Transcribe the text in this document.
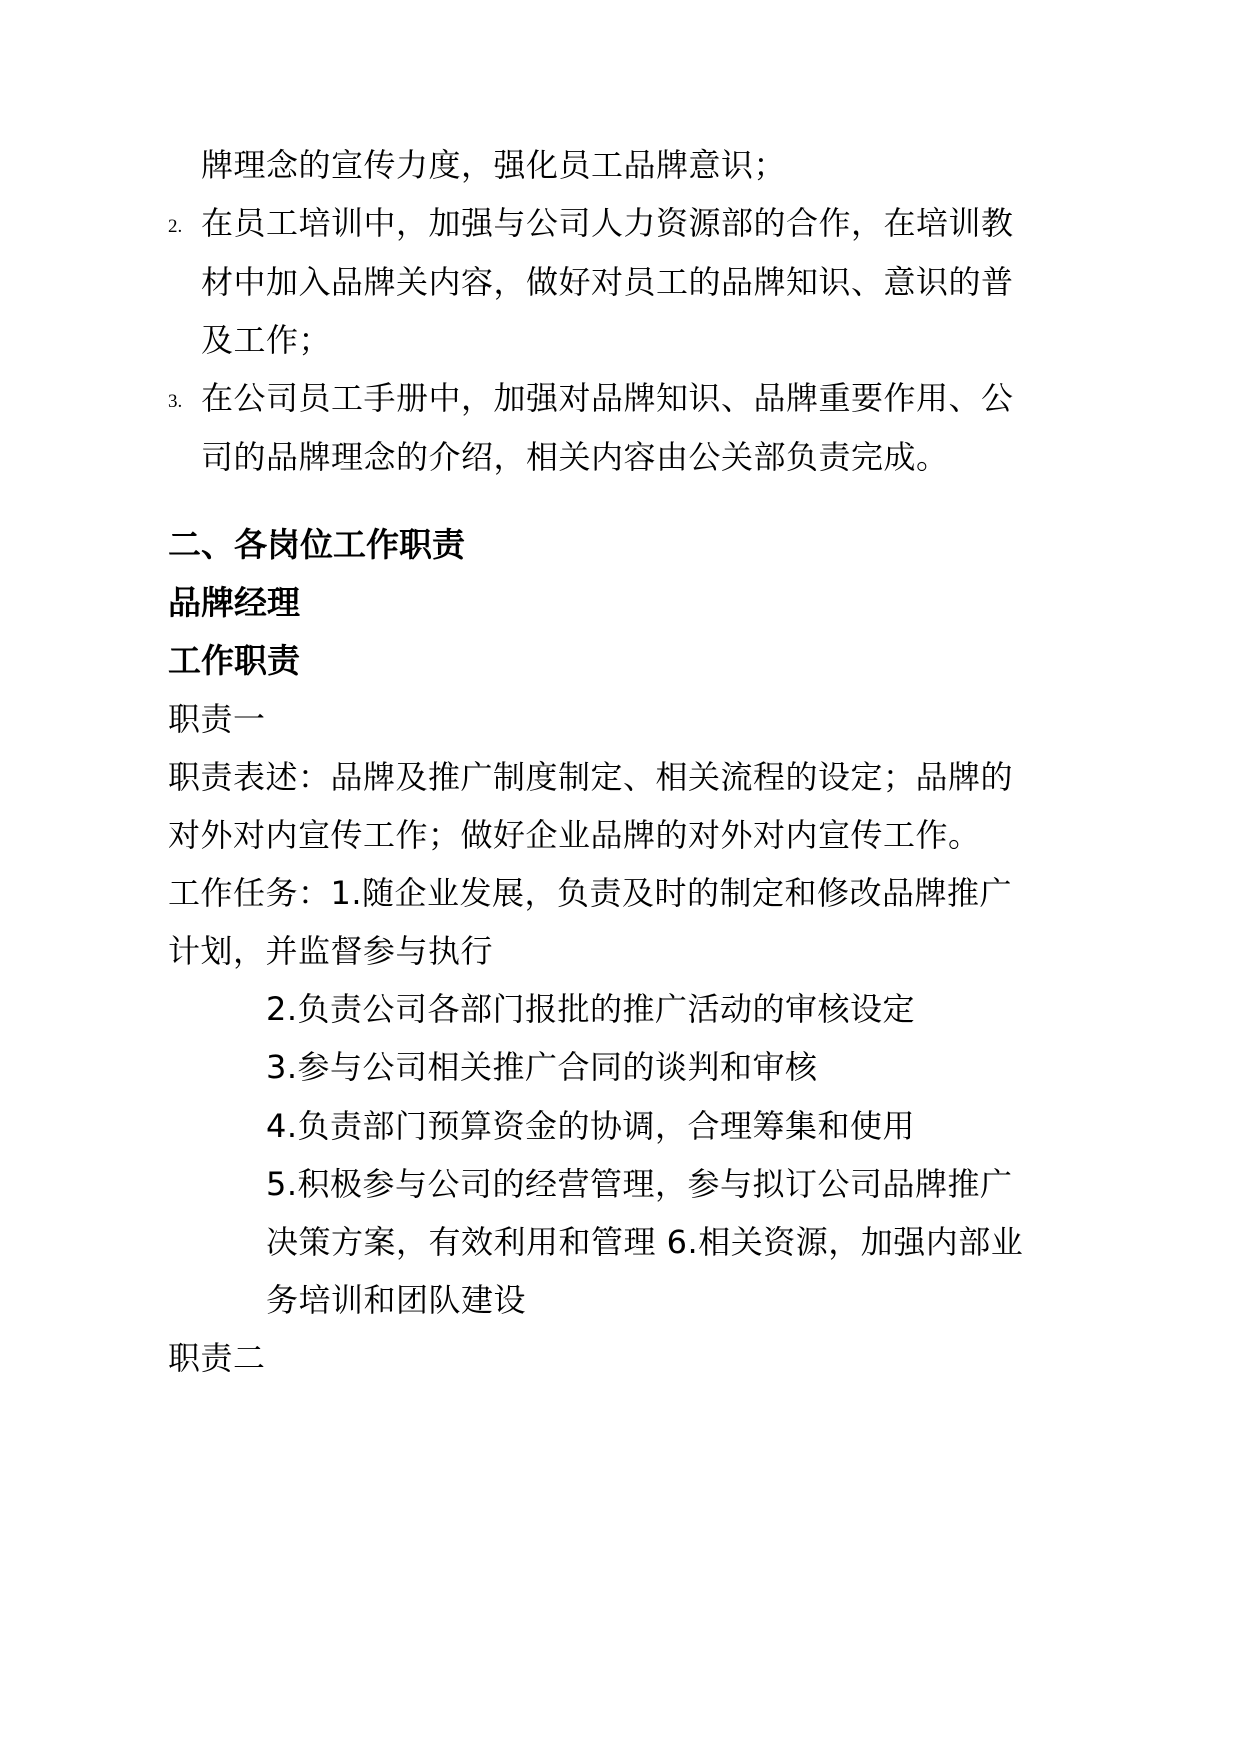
牌理念的宣传力度，强化员工品牌意识；
2. 在员工培训中，加强与公司人力资源部的合作，在培训教
材中加入品牌关内容，做好对员工的品牌知识、意识的普
及工作；
3. 在公司员工手册中，加强对品牌知识、品牌重要作用、公
司的品牌理念的介绍，相关内容由公关部负责完成。
二、各岗位工作职责
品牌经理
工作职责
职责一
职责表述：品牌及推广制度制定、相关流程的设定；品牌的
对外对内宣传工作；做好企业品牌的对外对内宣传工作。
工作任务：1.随企业发展，负责及时的制定和修改品牌推广
计划，并监督参与执行
2.负责公司各部门报批的推广活动的审核设定
3.参与公司相关推广合同的谈判和审核
4.负责部门预算资金的协调，合理筹集和使用
5.积极参与公司的经营管理，参与拟订公司品牌推广
决策方案，有效利用和管理 6.相关资源，加强内部业
务培训和团队建设
职责二
